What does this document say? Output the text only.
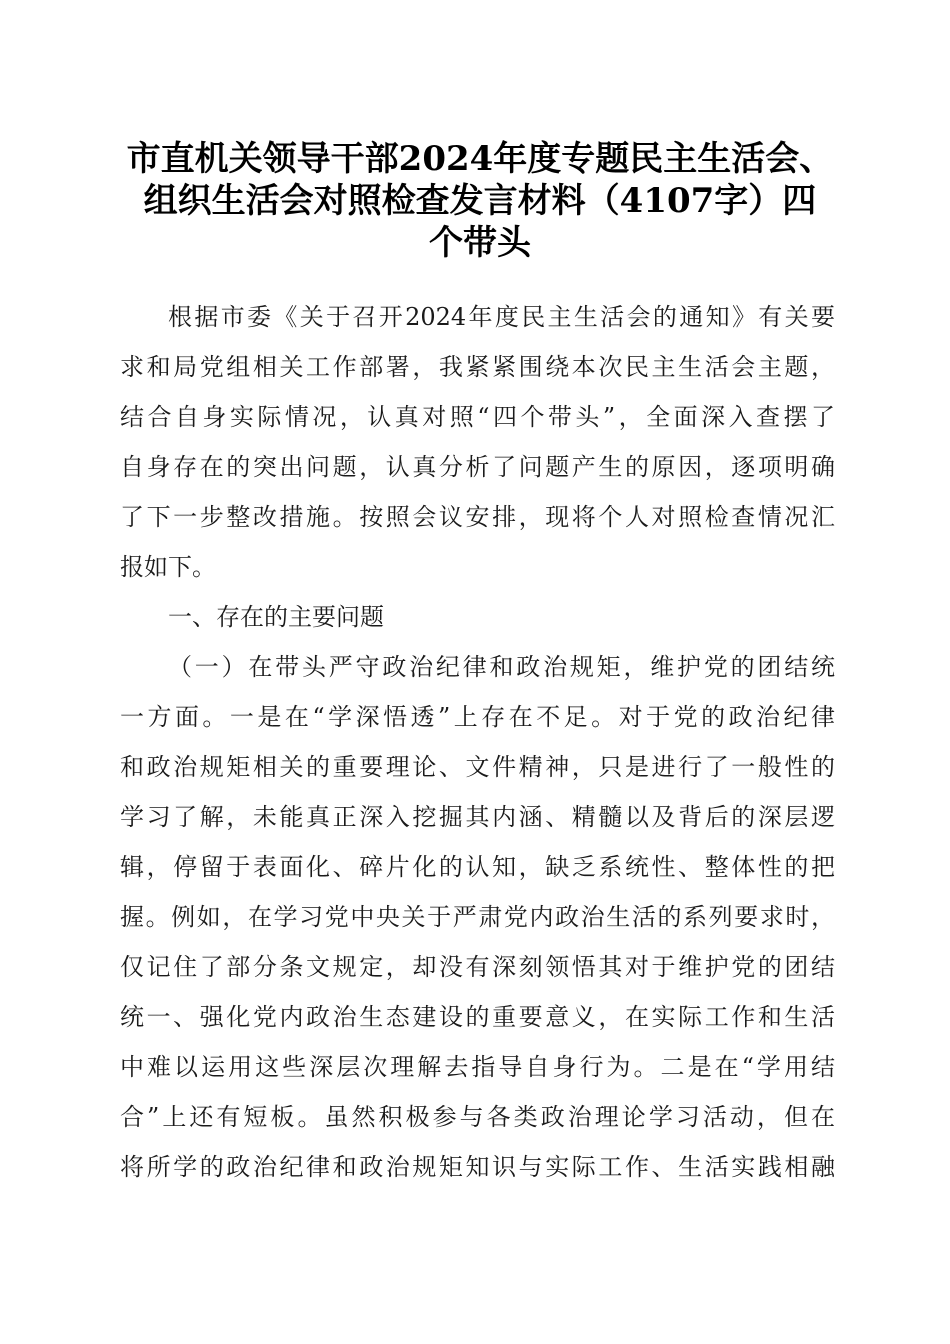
市直机关领导干部2024年度专题民主生活会、
组织生活会对照检查发言材料（4107字）四
个带头
根据市委《关于召开2024年度民主生活会的通知》有关要
求和局党组相关工作部署，我紧紧围绕本次民主生活会主题，
结合自身实际情况，认真对照“四个带头”，全面深入查摆了
自身存在的突出问题，认真分析了问题产生的原因，逐项明确
了下一步整改措施。按照会议安排，现将个人对照检查情况汇
报如下。
一、存在的主要问题
（一）在带头严守政治纪律和政治规矩，维护党的团结统
一方面。一是在“学深悟透”上存在不足。对于党的政治纪律
和政治规矩相关的重要理论、文件精神，只是进行了一般性的
学习了解，未能真正深入挖掘其内涵、精髓以及背后的深层逻
辑，停留于表面化、碎片化的认知，缺乏系统性、整体性的把
握。例如，在学习党中央关于严肃党内政治生活的系列要求时，
仅记住了部分条文规定，却没有深刻领悟其对于维护党的团结
统一、强化党内政治生态建设的重要意义，在实际工作和生活
中难以运用这些深层次理解去指导自身行为。二是在“学用结
合”上还有短板。虽然积极参与各类政治理论学习活动，但在
将所学的政治纪律和政治规矩知识与实际工作、生活实践相融
